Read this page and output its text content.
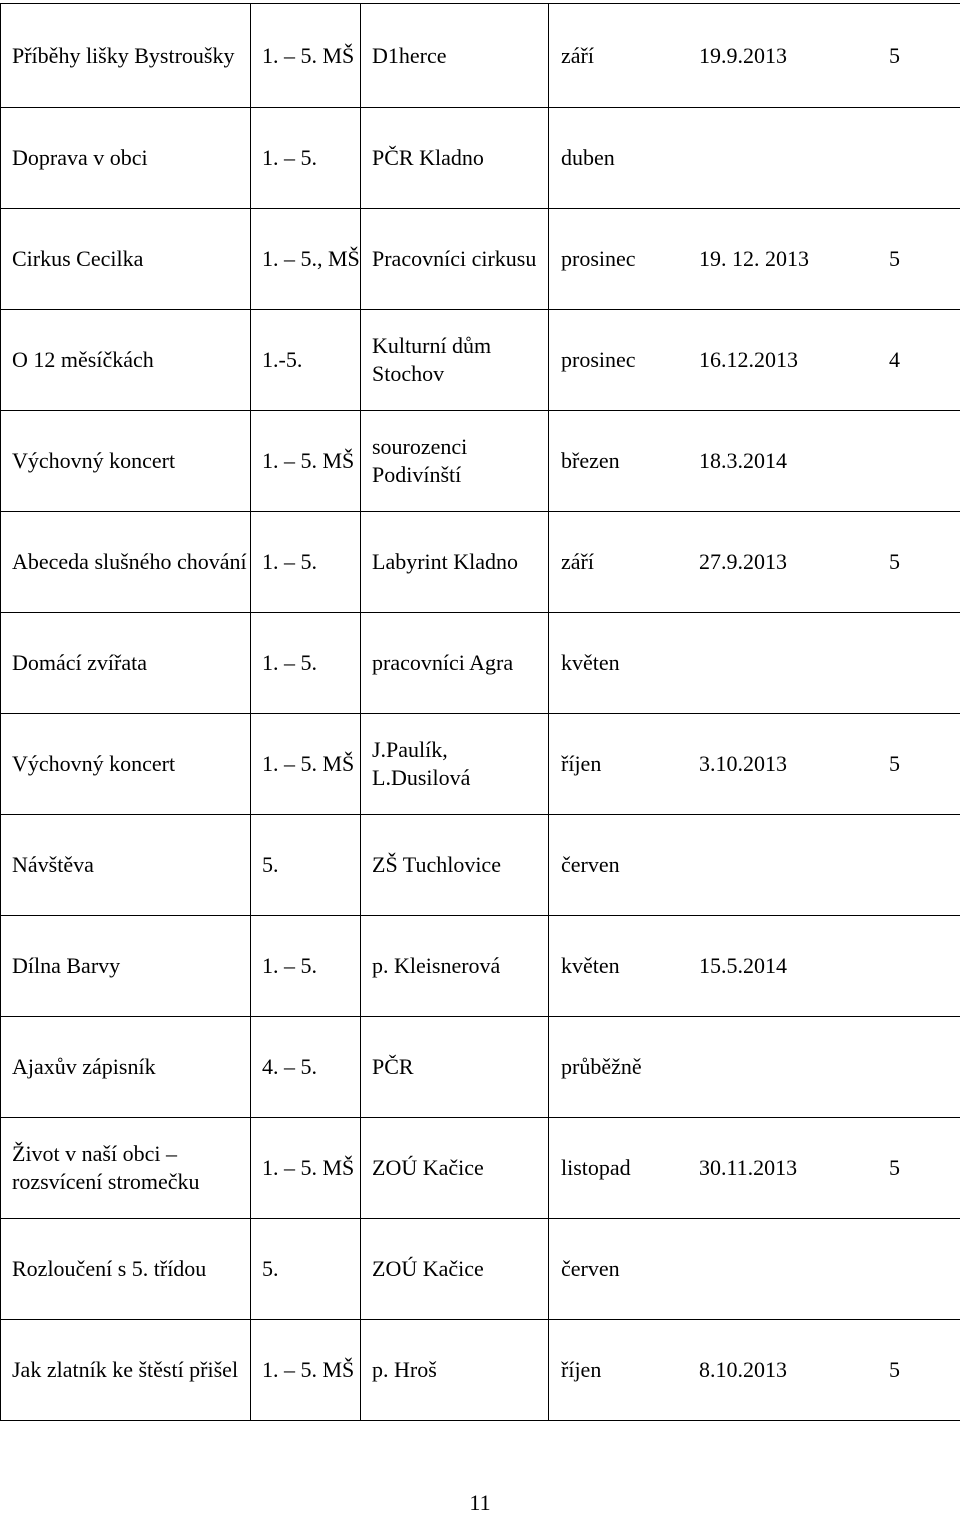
Příběhy lišky Bystroušky	1. – 5. MŠ	D1herce	září 19.9.2013 5

Doprava v obci	1. – 5.	PČR Kladno	duben

Cirkus Cecilka	1. – 5., MŠ	Pracovníci cirkusu	prosinec 19. 12. 2013 5

O 12 měsíčkách	1.-5.	Kulturní dům Stochov	prosinec 16.12.2013 4

Výchovný koncert	1. – 5. MŠ	sourozenci Podivínští	březen 18.3.2014

Abeceda slušného chování	1. – 5.	Labyrint Kladno	září 27.9.2013 5

Domácí zvířata	1. – 5.	pracovníci Agra	květen

Výchovný koncert	1. – 5. MŠ	J.Paulík, L.Dusilová	říjen 3.10.2013 5

Návštěva	5.	ZŠ Tuchlovice	červen

Dílna Barvy	1. – 5.	p. Kleisnerová	květen 15.5.2014

Ajaxův zápisník	4. – 5.	PČR	průběžně

Život v naší obci – rozsvícení stromečku	1. – 5. MŠ	ZOÚ Kačice	listopad 30.11.2013 5

Rozloučení s 5. třídou	5.	ZOÚ Kačice	červen

Jak zlatník ke štěstí přišel	1. – 5. MŠ	p. Hroš	říjen 8.10.2013 5
11
